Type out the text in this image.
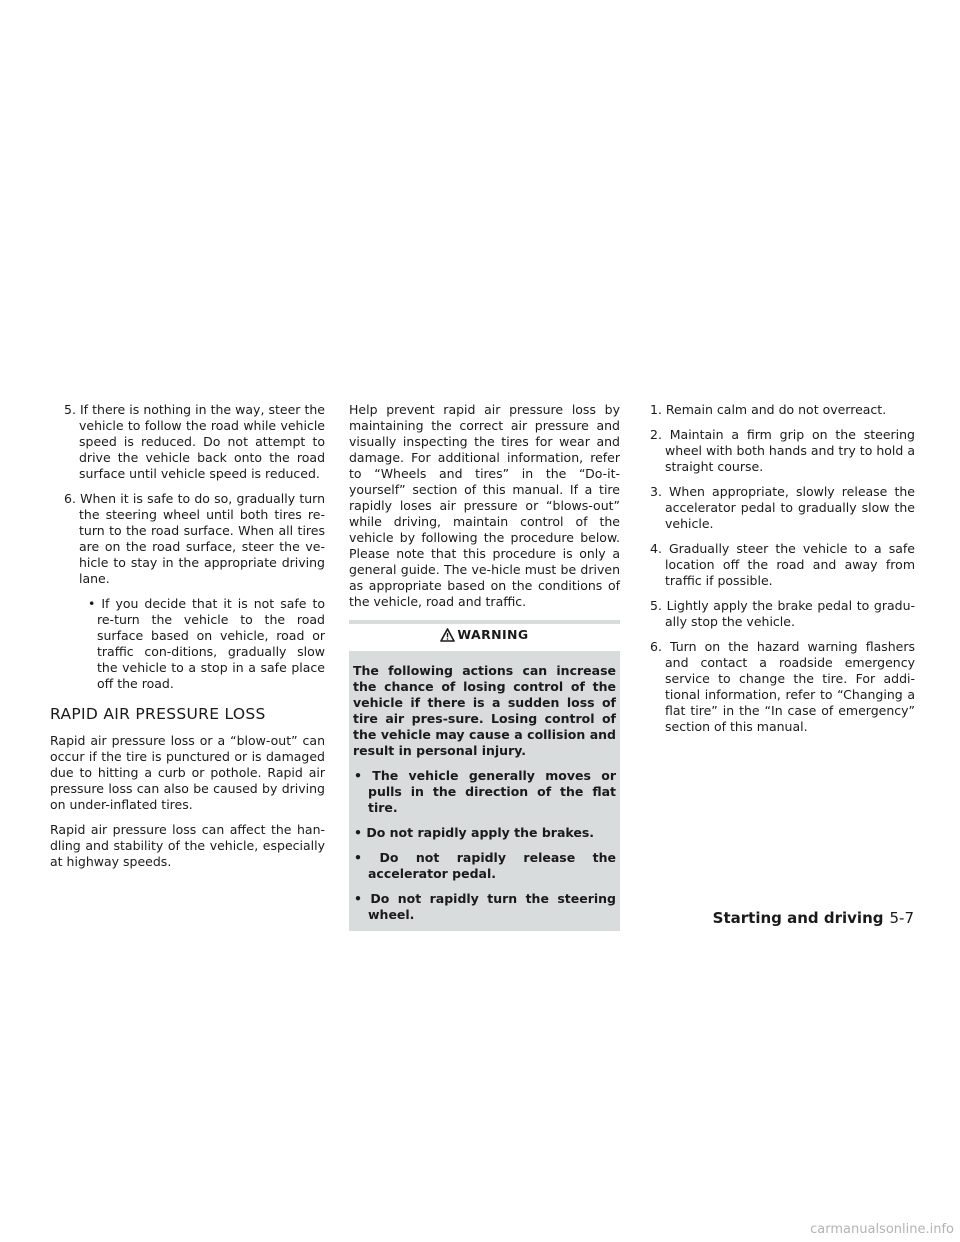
5. If there is nothing in the way, steer the vehicle to follow the road while vehicle speed is reduced. Do not attempt to drive the vehicle back onto the road surface until vehicle speed is reduced.

6. When it is safe to do so, gradually turn the steering wheel until both tires re-turn to the road surface. When all tires are on the road surface, steer the ve-hicle to stay in the appropriate driving lane.

• If you decide that it is not safe to re-turn the vehicle to the road surface based on vehicle, road or traffic con-ditions, gradually slow the vehicle to a stop in a safe place off the road.

RAPID AIR PRESSURE LOSS

Rapid air pressure loss or a “blow-out” can occur if the tire is punctured or is damaged due to hitting a curb or pothole. Rapid air pressure loss can also be caused by driving on under-inflated tires.

Rapid air pressure loss can affect the han-dling and stability of the vehicle, especially at highway speeds.

Help prevent rapid air pressure loss by maintaining the correct air pressure and visually inspecting the tires for wear and damage. For additional information, refer to “Wheels and tires” in the “Do-it-yourself” section of this manual. If a tire rapidly loses air pressure or “blows-out” while driving, maintain control of the vehicle by following the procedure below. Please note that this procedure is only a general guide. The ve-hicle must be driven as appropriate based on the conditions of the vehicle, road and traffic.

WARNING

The following actions can increase the chance of losing control of the vehicle if there is a sudden loss of tire air pres-sure. Losing control of the vehicle may cause a collision and result in personal injury.

• The vehicle generally moves or pulls in the direction of the flat tire.

• Do not rapidly apply the brakes.

• Do not rapidly release the accelerator pedal.

• Do not rapidly turn the steering wheel.

1. Remain calm and do not overreact.

2. Maintain a firm grip on the steering wheel with both hands and try to hold a straight course.

3. When appropriate, slowly release the accelerator pedal to gradually slow the vehicle.

4. Gradually steer the vehicle to a safe location off the road and away from traffic if possible.

5. Lightly apply the brake pedal to gradu-ally stop the vehicle.

6. Turn on the hazard warning flashers and contact a roadside emergency service to change the tire. For addi-tional information, refer to “Changing a flat tire” in the “In case of emergency” section of this manual.

Starting and driving 5-7
carmanualsonline.info
